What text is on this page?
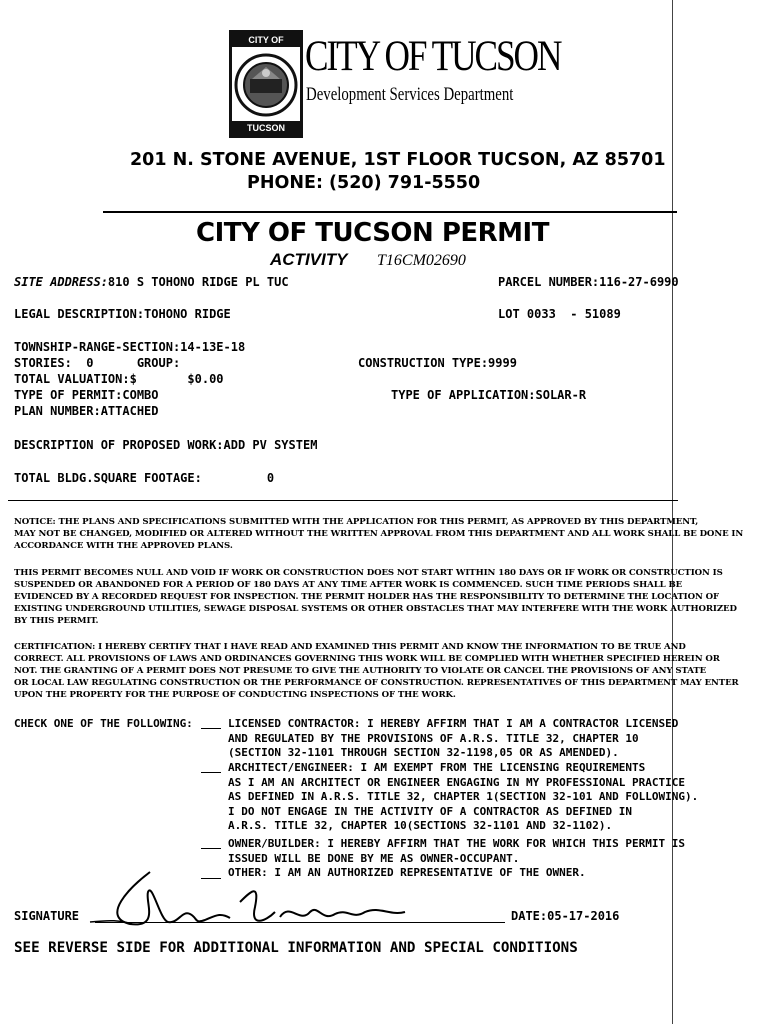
CITY OF
TUCSON
CITY OF TUCSON
Development Services Department
201 N. STONE AVENUE, 1ST FLOOR TUCSON, AZ 85701
PHONE: (520) 791-5550
CITY OF TUCSON PERMIT
ACTIVITY T16CM02690
SITE ADDRESS:810 S TOHONO RIDGE PL TUC	PARCEL NUMBER:116-27-6990
LEGAL DESCRIPTION:TOHONO RIDGE	LOT 0033  - 51089
TOWNSHIP-RANGE-SECTION:14-13E-18
STORIES:  0      GROUP:	CONSTRUCTION TYPE:9999
TOTAL VALUATION:$       $0.00
TYPE OF PERMIT:COMBO	TYPE OF APPLICATION:SOLAR-R
PLAN NUMBER:ATTACHED
DESCRIPTION OF PROPOSED WORK:ADD PV SYSTEM
TOTAL BLDG.SQUARE FOOTAGE:         0
NOTICE: THE PLANS AND SPECIFICATIONS SUBMITTED WITH THE APPLICATION FOR THIS PERMIT, AS APPROVED BY THIS DEPARTMENT,
MAY NOT BE CHANGED, MODIFIED OR ALTERED WITHOUT THE WRITTEN APPROVAL FROM THIS DEPARTMENT AND ALL WORK SHALL BE DONE IN
ACCORDANCE WITH THE APPROVED PLANS.
THIS PERMIT BECOMES NULL AND VOID IF WORK OR CONSTRUCTION DOES NOT START WITHIN 180 DAYS OR IF WORK OR CONSTRUCTION IS
SUSPENDED OR ABANDONED FOR A PERIOD OF 180 DAYS AT ANY TIME AFTER WORK IS COMMENCED. SUCH TIME PERIODS SHALL BE
EVIDENCED BY A RECORDED REQUEST FOR INSPECTION. THE PERMIT HOLDER HAS THE RESPONSIBILITY TO DETERMINE THE LOCATION OF
EXISTING UNDERGROUND UTILITIES, SEWAGE DISPOSAL SYSTEMS OR OTHER OBSTACLES THAT MAY INTERFERE WITH THE WORK AUTHORIZED
BY THIS PERMIT.
CERTIFICATION: I HEREBY CERTIFY THAT I HAVE READ AND EXAMINED THIS PERMIT AND KNOW THE INFORMATION TO BE TRUE AND
CORRECT. ALL PROVISIONS OF LAWS AND ORDINANCES GOVERNING THIS WORK WILL BE COMPLIED WITH WHETHER SPECIFIED HEREIN OR
NOT. THE GRANTING OF A PERMIT DOES NOT PRESUME TO GIVE THE AUTHORITY TO VIOLATE OR CANCEL THE PROVISIONS OF ANY STATE
OR LOCAL LAW REGULATING CONSTRUCTION OR THE PERFORMANCE OF CONSTRUCTION. REPRESENTATIVES OF THIS DEPARTMENT MAY ENTER
UPON THE PROPERTY FOR THE PURPOSE OF CONDUCTING INSPECTIONS OF THE WORK.
CHECK ONE OF THE FOLLOWING:	LICENSED CONTRACTOR: I HEREBY AFFIRM THAT I AM A CONTRACTOR LICENSED
AND REGULATED BY THE PROVISIONS OF A.R.S. TITLE 32, CHAPTER 10
(SECTION 32-1101 THROUGH SECTION 32-1198,05 OR AS AMENDED).
ARCHITECT/ENGINEER: I AM EXEMPT FROM THE LICENSING REQUIREMENTS
AS I AM AN ARCHITECT OR ENGINEER ENGAGING IN MY PROFESSIONAL PRACTICE
AS DEFINED IN A.R.S. TITLE 32, CHAPTER 1(SECTION 32-101 AND FOLLOWING).
I DO NOT ENGAGE IN THE ACTIVITY OF A CONTRACTOR AS DEFINED IN
A.R.S. TITLE 32, CHAPTER 10(SECTIONS 32-1101 AND 32-1102).
OWNER/BUILDER: I HEREBY AFFIRM THAT THE WORK FOR WHICH THIS PERMIT IS
ISSUED WILL BE DONE BY ME AS OWNER-OCCUPANT.
OTHER: I AM AN AUTHORIZED REPRESENTATIVE OF THE OWNER.
SIGNATURE	DATE:05-17-2016
SEE REVERSE SIDE FOR ADDITIONAL INFORMATION AND SPECIAL CONDITIONS
